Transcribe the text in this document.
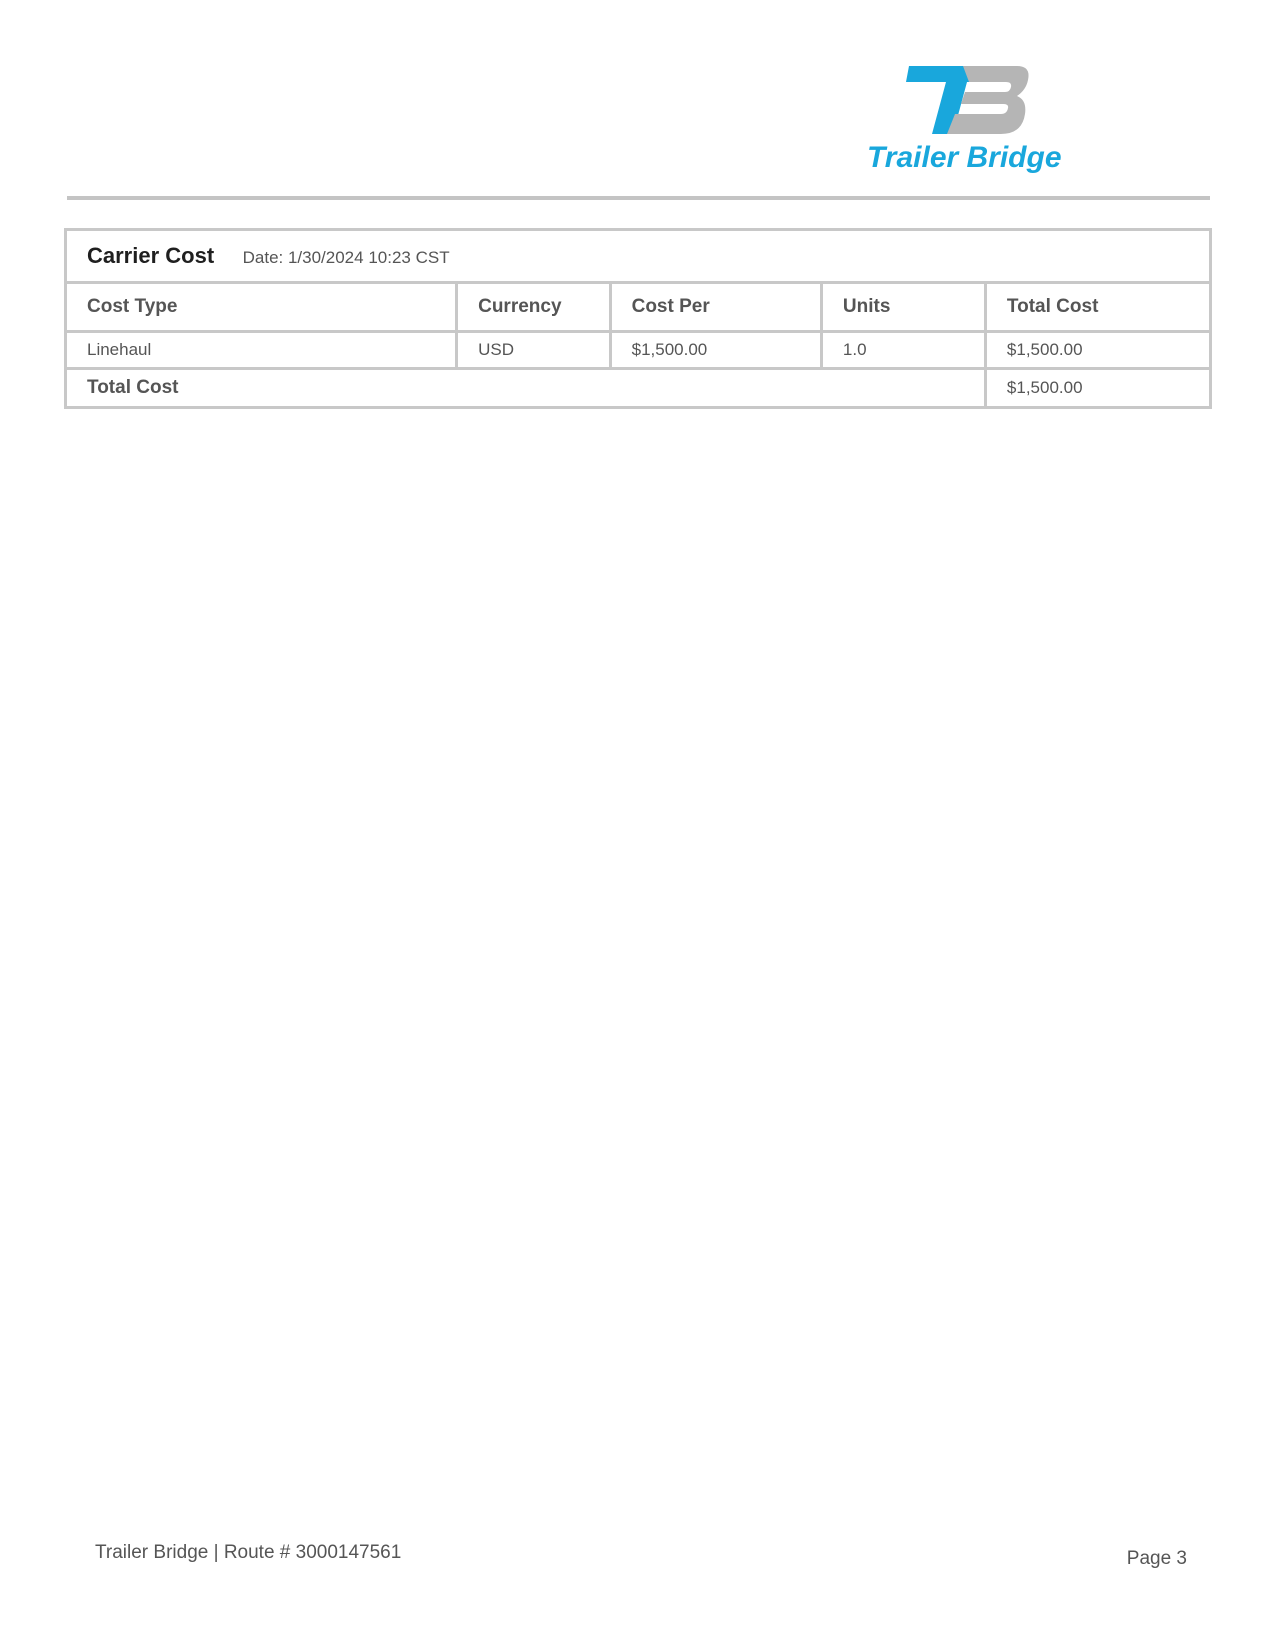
Trailer Bridge
Carrier Cost Date: 1/30/2024 10:23 CST				
Cost Type	Currency	Cost Per	Units	Total Cost
Linehaul	USD	$1,500.00	1.0	$1,500.00
Total Cost				$1,500.00
Trailer Bridge | Route # 3000147561	Page 3
